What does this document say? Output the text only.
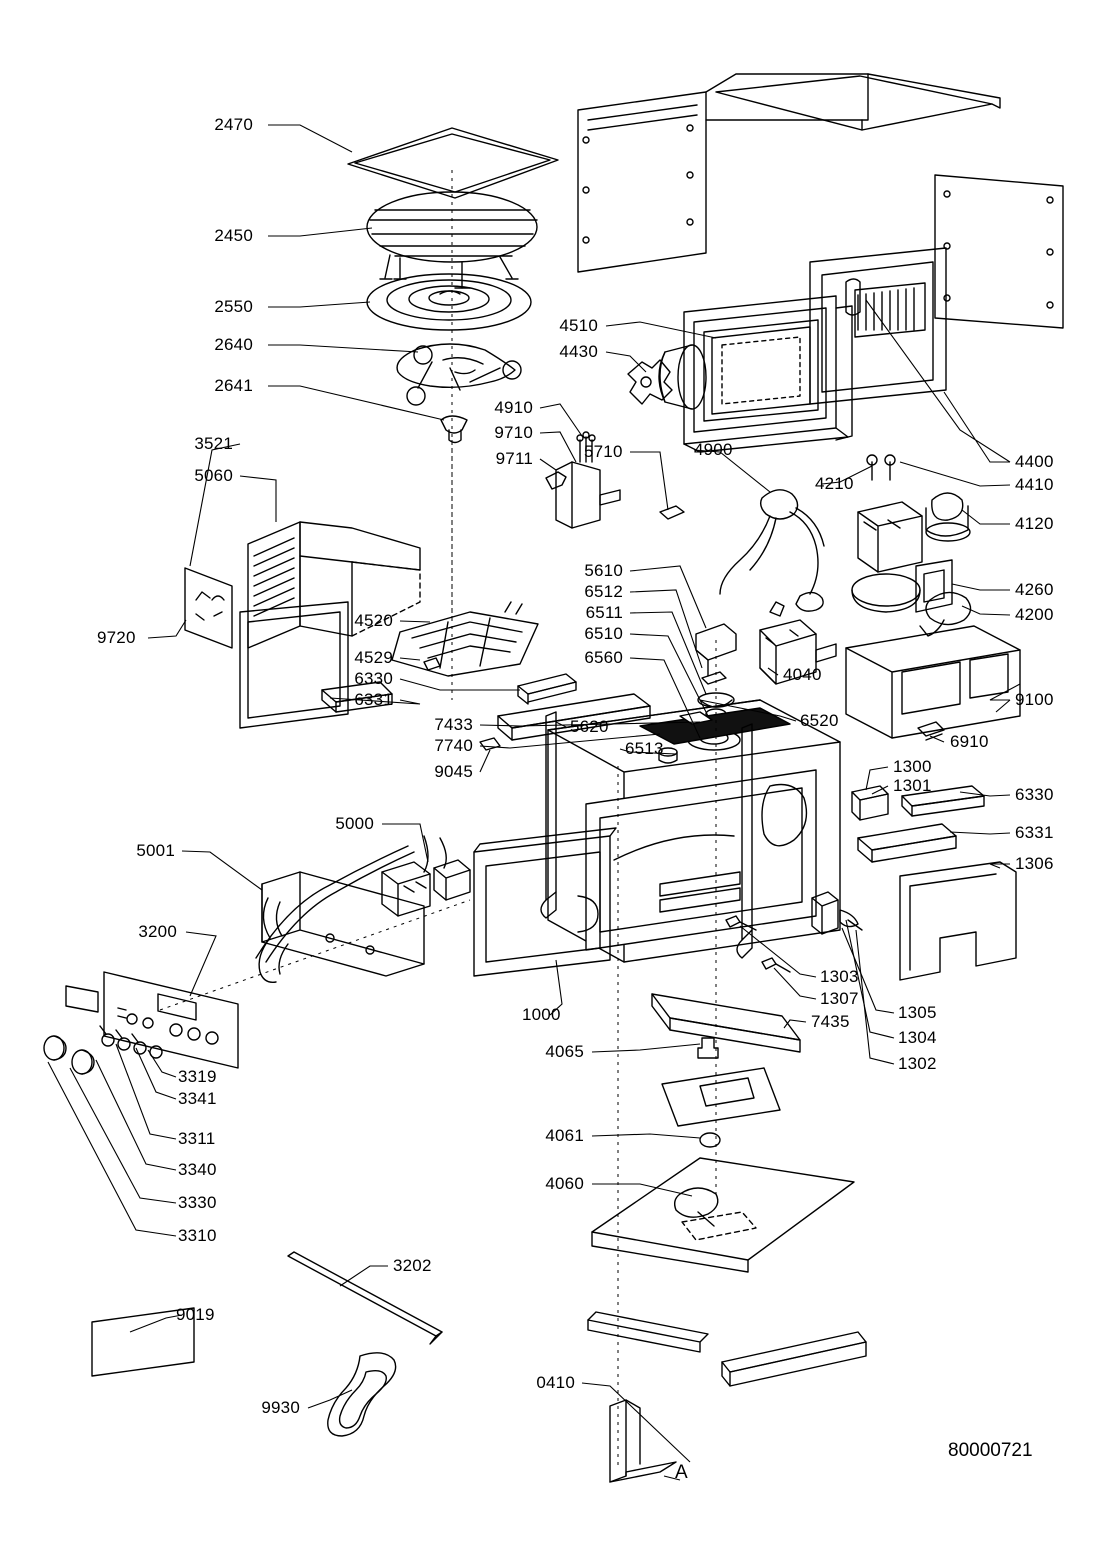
2470
2450
2550
2640
2641
4510
4430
4910
9710
9711	5710	4900
4210
4400
4410
4120
4260
4200
9100
3521
5060
9720
4520
4529
6330
6331
5610
6512
6511
6510
6560
4040
6520
6910
7433
7740
9045
5620
6513
1300
1301	6330
6331
1306
5000
5001
3200
1000
1303
1307
7435	1305
1304
1302
3319
3341
3311
3340
3330
3310
4065
4061
4060
3202
9019
9930
0410
A
80000721
